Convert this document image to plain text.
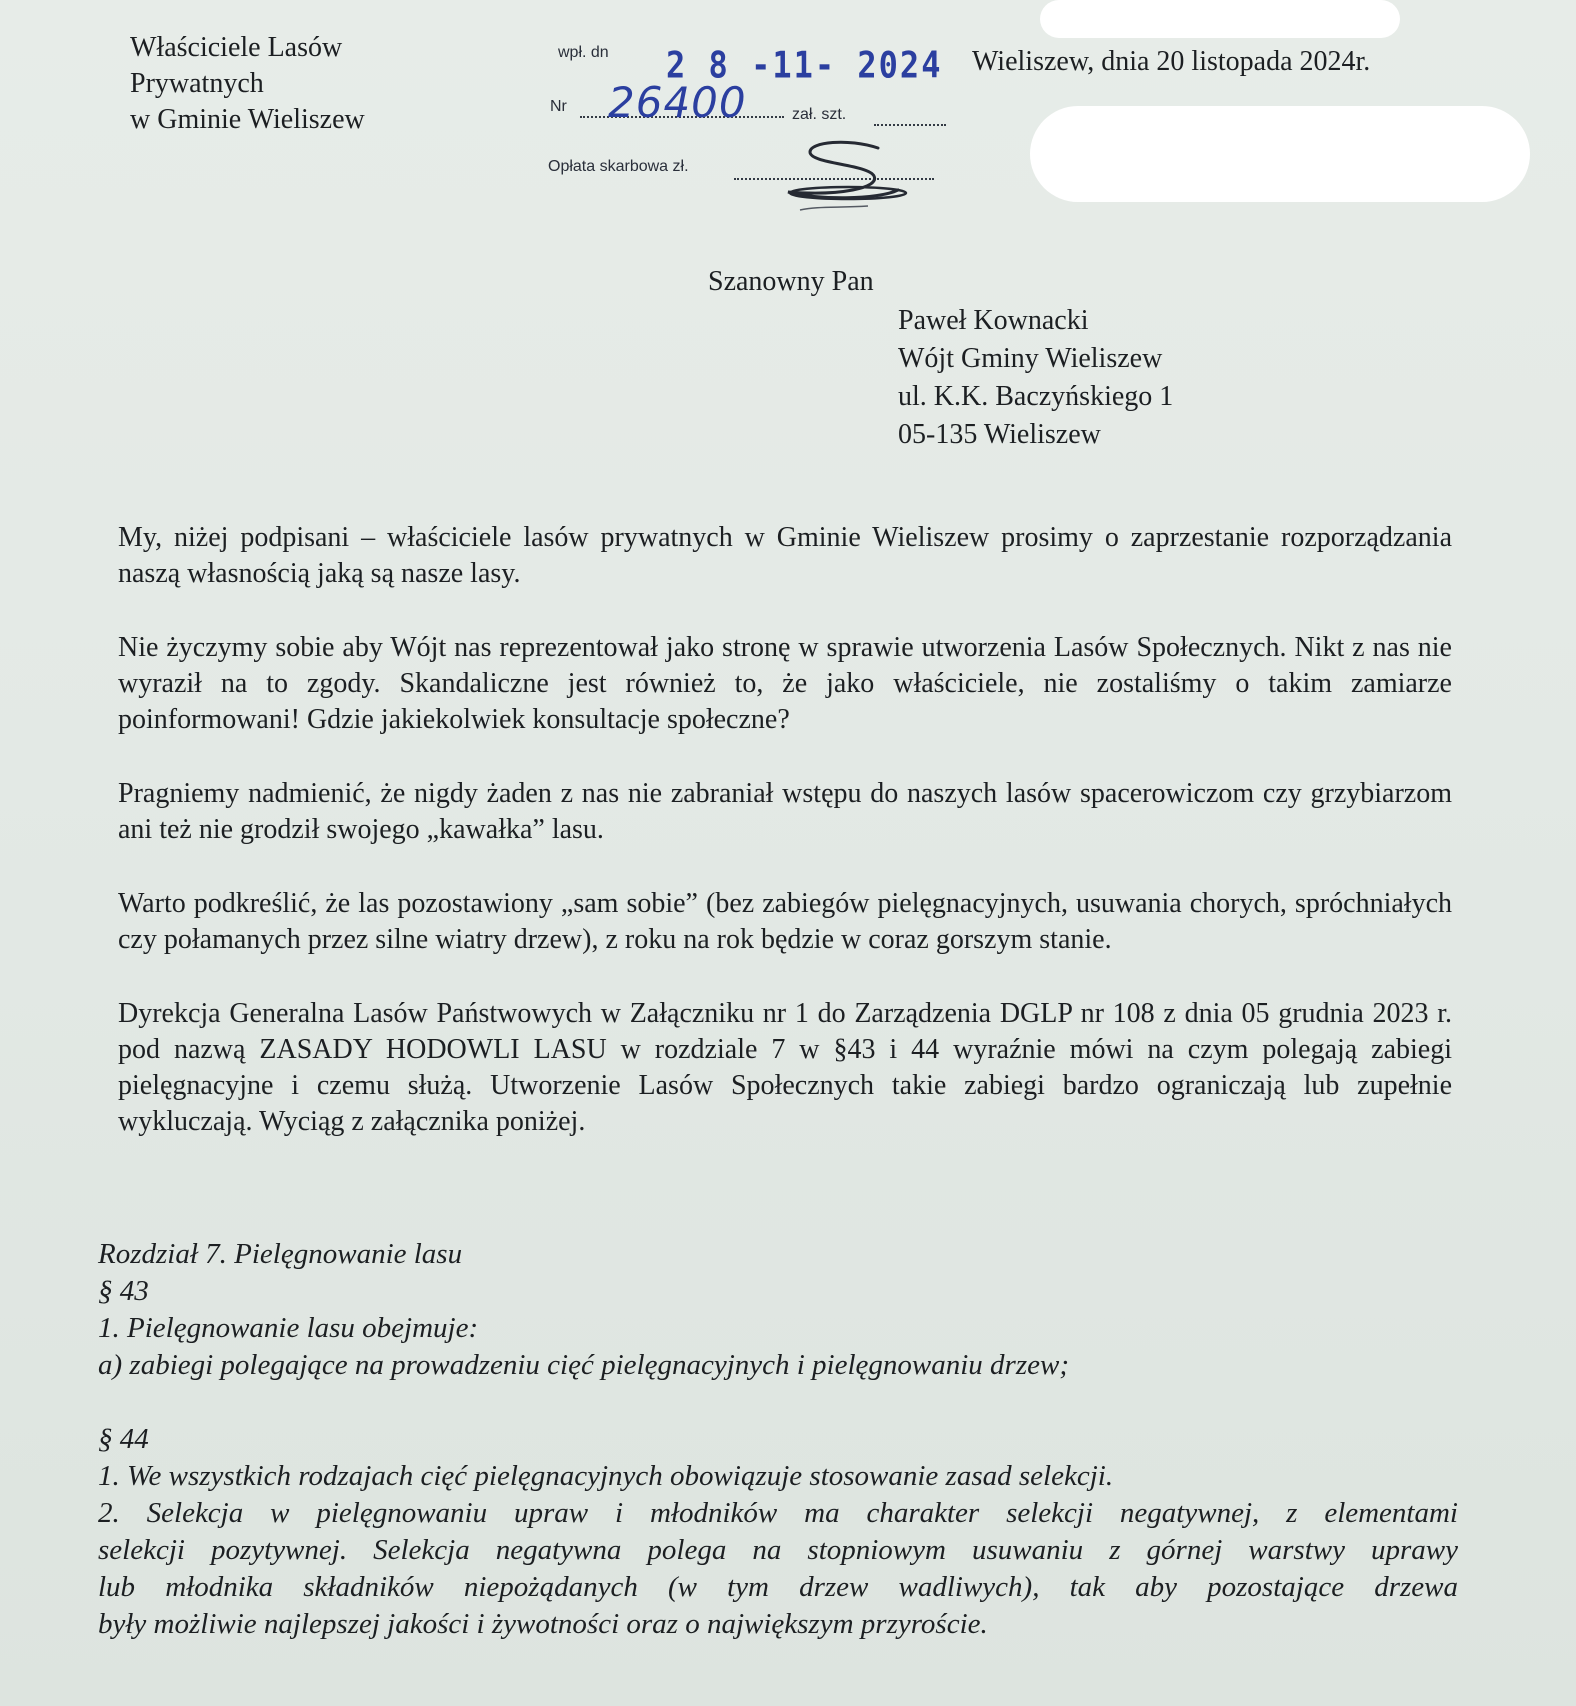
Właściciele Lasów
Prywatnych
w Gminie Wieliszew
wpł. dn 2 8 -11- 2024
Nr 26400	zał. szt.
Opłata skarbowa zł.
Wieliszew, dnia 20 listopada 2024r.
Szanowny Pan
Paweł Kownacki
Wójt Gminy Wieliszew
ul. K.K. Baczyńskiego 1
05-135 Wieliszew

My, niżej podpisani – właściciele lasów prywatnych w Gminie Wieliszew prosimy o zaprzestanie rozporządzania naszą własnością jaką są nasze lasy.

Nie życzymy sobie aby Wójt nas reprezentował jako stronę w sprawie utworzenia Lasów Społecznych. Nikt z nas nie wyraził na to zgody. Skandaliczne jest również to, że jako właściciele, nie zostaliśmy o takim zamiarze poinformowani! Gdzie jakiekolwiek konsultacje społeczne?

Pragniemy nadmienić, że nigdy żaden z nas nie zabraniał wstępu do naszych lasów spacerowiczom czy grzybiarzom ani też nie grodził swojego „kawałka” lasu.

Warto podkreślić, że las pozostawiony „sam sobie” (bez zabiegów pielęgnacyjnych, usuwania chorych, spróchniałych czy połamanych przez silne wiatry drzew), z roku na rok będzie w coraz gorszym stanie.

Dyrekcja Generalna Lasów Państwowych w Załączniku nr 1 do Zarządzenia DGLP nr 108 z dnia 05 grudnia 2023 r. pod nazwą ZASADY HODOWLI LASU w rozdziale 7 w §43 i 44 wyraźnie mówi na czym polegają zabiegi pielęgnacyjne i czemu służą. Utworzenie Lasów Społecznych takie zabiegi bardzo ograniczają lub zupełnie wykluczają. Wyciąg z załącznika poniżej.

Rozdział 7. Pielęgnowanie lasu
§ 43
1. Pielęgnowanie lasu obejmuje:
a) zabiegi polegające na prowadzeniu cięć pielęgnacyjnych i pielęgnowaniu drzew;
§ 44
1. We wszystkich rodzajach cięć pielęgnacyjnych obowiązuje stosowanie zasad selekcji.
2. Selekcja w pielęgnowaniu upraw i młodników ma charakter selekcji negatywnej, z elementami
selekcji pozytywnej. Selekcja negatywna polega na stopniowym usuwaniu z górnej warstwy uprawy
lub młodnika składników niepożądanych (w tym drzew wadliwych), tak aby pozostające drzewa
były możliwie najlepszej jakości i żywotności oraz o największym przyroście.
